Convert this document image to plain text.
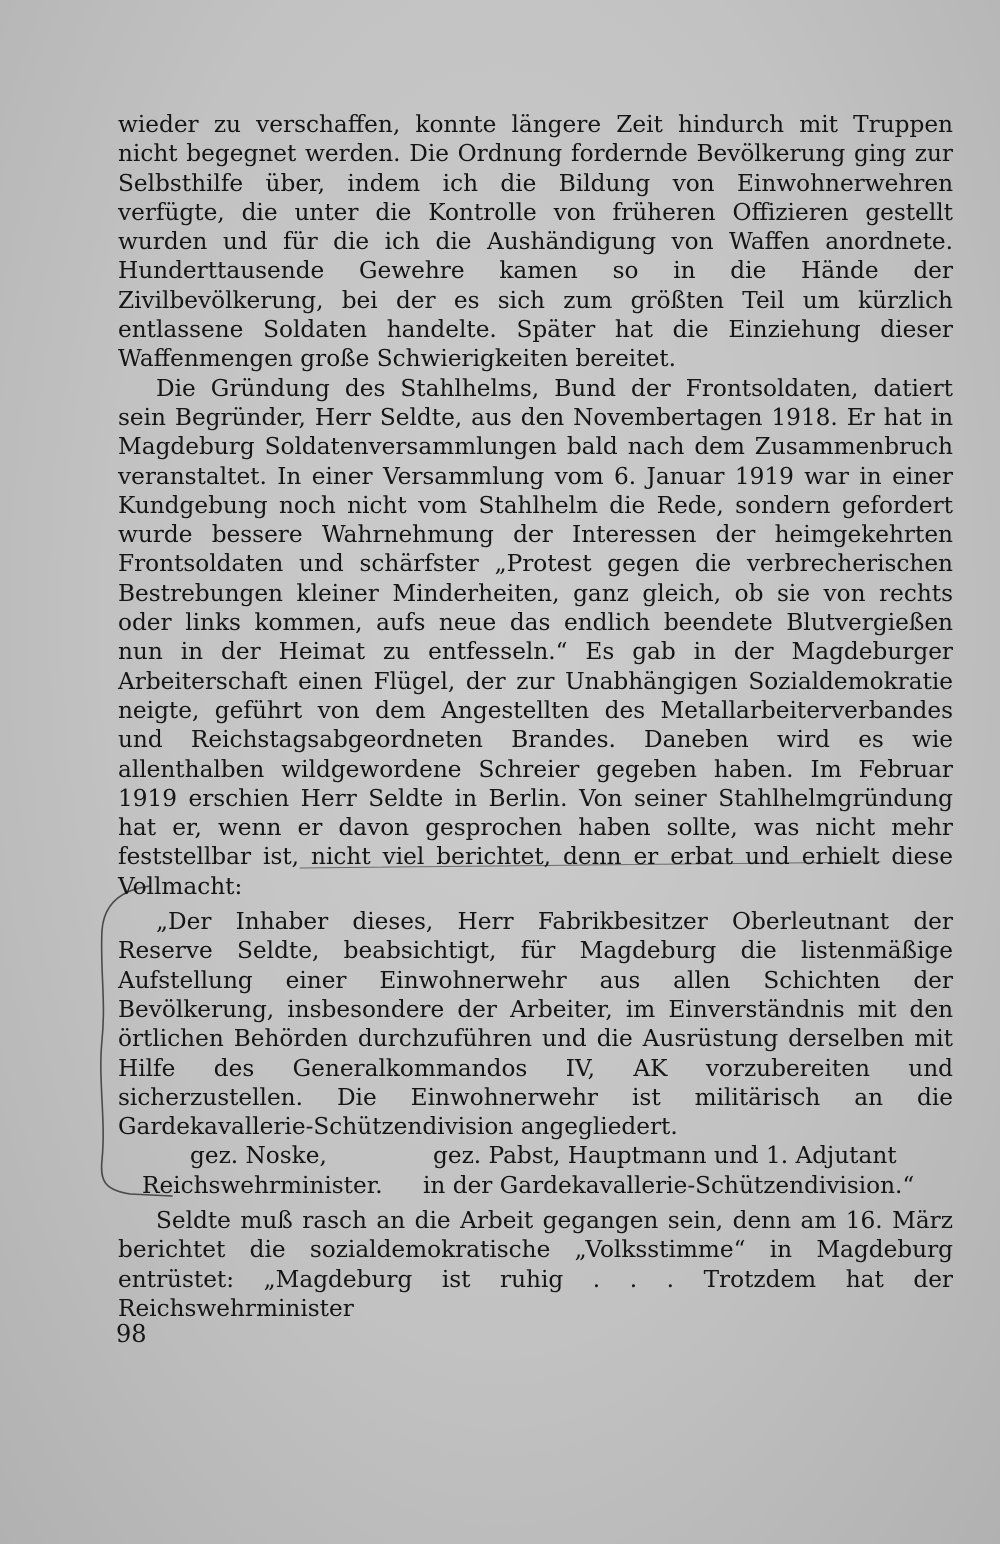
wieder zu verschaffen, konnte längere Zeit hindurch mit Truppen nicht begegnet werden. Die Ordnung fordernde Bevölkerung ging zur Selbsthilfe über, indem ich die Bildung von Einwohnerwehren verfügte, die unter die Kontrolle von früheren Offizieren gestellt wurden und für die ich die Aushändigung von Waffen anordnete. Hunderttausende Gewehre kamen so in die Hände der Zivilbevölkerung, bei der es sich zum größten Teil um kürzlich entlassene Soldaten handelte. Später hat die Einziehung dieser Waffenmengen große Schwierigkeiten bereitet.

Die Gründung des Stahlhelms, Bund der Frontsoldaten, datiert sein Begründer, Herr Seldte, aus den Novembertagen 1918. Er hat in Magdeburg Soldatenversammlungen bald nach dem Zusammenbruch veranstaltet. In einer Versammlung vom 6. Januar 1919 war in einer Kundgebung noch nicht vom Stahlhelm die Rede, sondern gefordert wurde bessere Wahrnehmung der Interessen der heimgekehrten Frontsoldaten und schärfster „Protest gegen die verbrecherischen Bestrebungen kleiner Minderheiten, ganz gleich, ob sie von rechts oder links kommen, aufs neue das endlich beendete Blutvergießen nun in der Heimat zu entfesseln.“ Es gab in der Magdeburger Arbeiterschaft einen Flügel, der zur Unabhängigen Sozialdemokratie neigte, geführt von dem Angestellten des Metallarbeiterverbandes und Reichstagsabgeordneten Brandes. Daneben wird es wie allenthalben wildgewordene Schreier gegeben haben. Im Februar 1919 erschien Herr Seldte in Berlin. Von seiner Stahlhelmgründung hat er, wenn er davon gesprochen haben sollte, was nicht mehr feststellbar ist, nicht viel berichtet, denn er erbat und erhielt diese Vollmacht:

„Der Inhaber dieses, Herr Fabrikbesitzer Oberleutnant der Reserve Seldte, beabsichtigt, für Magdeburg die listenmäßige Aufstellung einer Einwohnerwehr aus allen Schichten der Bevölkerung, insbesondere der Arbeiter, im Einverständnis mit den örtlichen Behörden durchzuführen und die Ausrüstung derselben mit Hilfe des Generalkommandos IV, AK vorzubereiten und sicherzustellen. Die Einwohnerwehr ist militärisch an die Gardekavallerie-Schützendivision angegliedert.

gez. Noske,	gez. Pabst, Hauptmann und 1. Adjutant
Reichswehrminister.	in der Gardekavallerie-Schützendivision.“

Seldte muß rasch an die Arbeit gegangen sein, denn am 16. März berichtet die sozialdemokratische „Volksstimme“ in Magdeburg entrüstet: „Magdeburg ist ruhig . . . Trotzdem hat der Reichswehrminister

98
